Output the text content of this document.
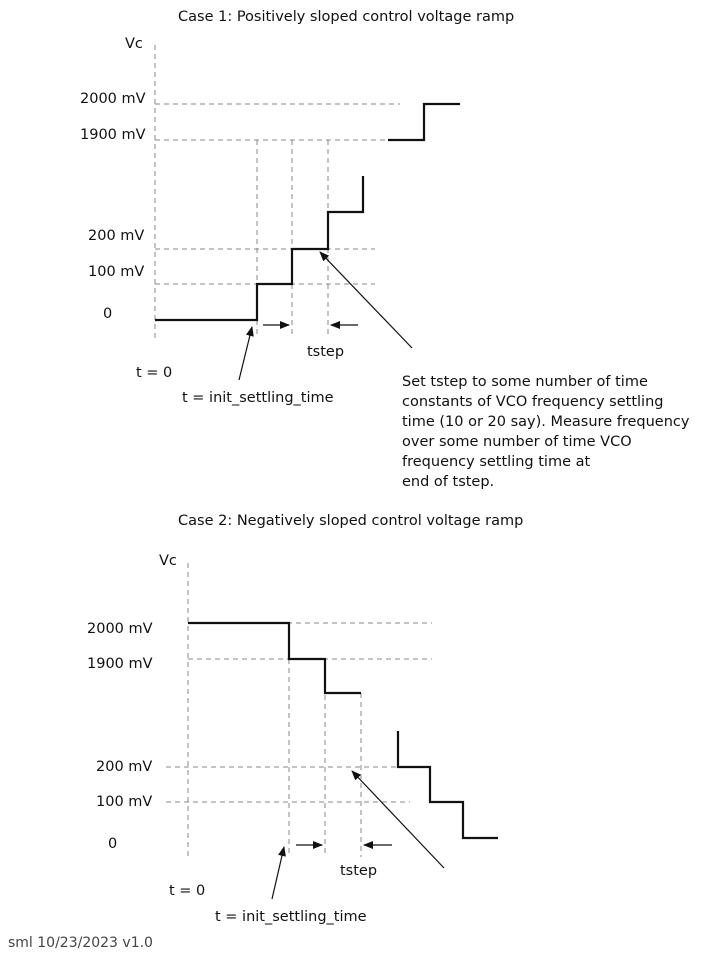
Case 1: Positively sloped control voltage ramp
Vc
2000 mV
1900 mV
200 mV
100 mV
0
tstep
t = 0
t = init_settling_time
Set tstep to some number of time
constants of VCO frequency settling
time (10 or 20 say). Measure frequency
over some number of time VCO
frequency settling time at
end of tstep.
Case 2: Negatively sloped control voltage ramp
Vc
2000 mV
1900 mV
200 mV
100 mV
0
tstep
t = 0
t = init_settling_time
sml 10/23/2023 v1.0
